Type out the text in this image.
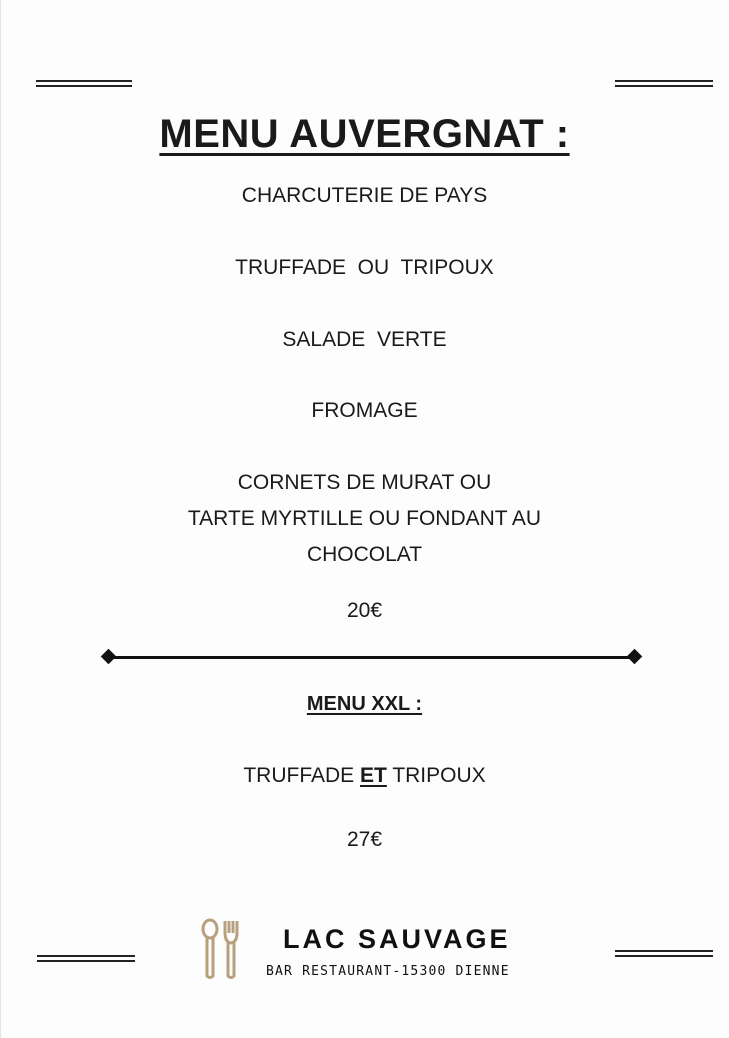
MENU AUVERGNAT :
CHARCUTERIE DE PAYS
TRUFFADE  OU  TRIPOUX
SALADE  VERTE
FROMAGE
CORNETS DE MURAT OU
TARTE MYRTILLE OU FONDANT AU
CHOCOLAT
20€
MENU XXL :
TRUFFADE ET TRIPOUX
27€
LAC SAUVAGE
BAR RESTAURANT-15300 DIENNE
